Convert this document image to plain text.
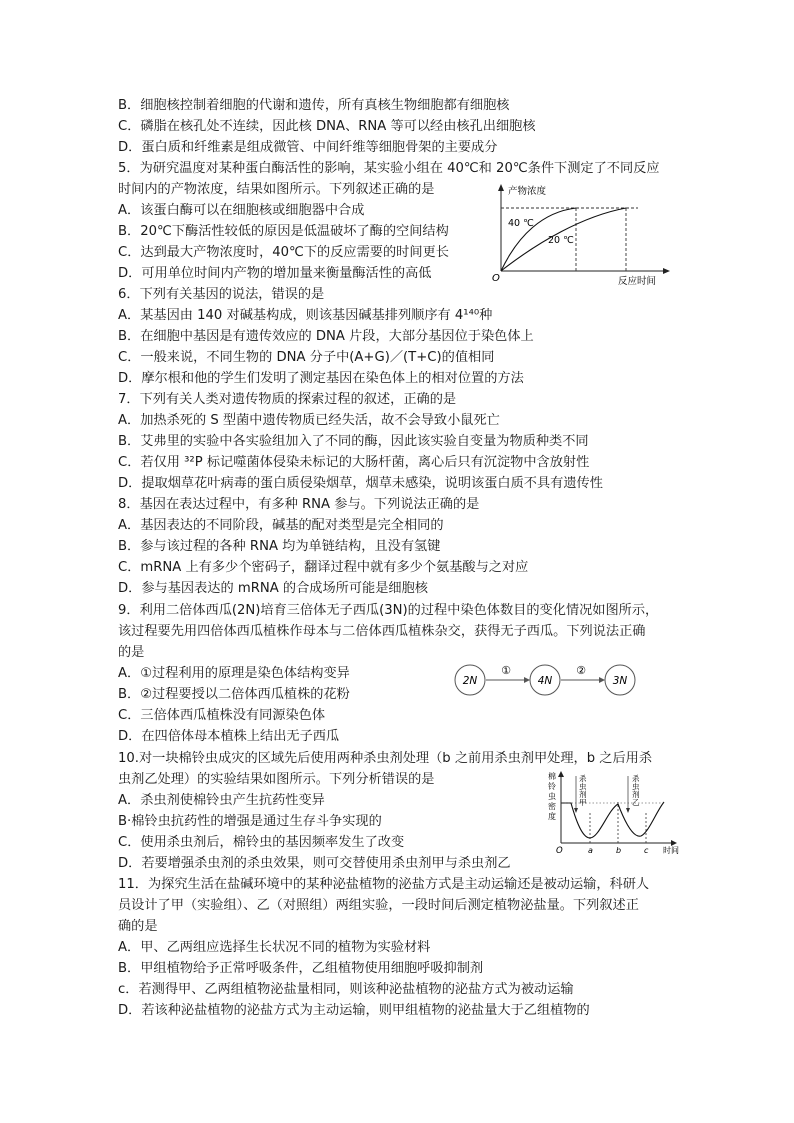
B．细胞核控制着细胞的代谢和遗传，所有真核生物细胞都有细胞核
C．磷脂在核孔处不连续，因此核 DNA、RNA 等可以经由核孔出细胞核
D．蛋白质和纤维素是组成微管、中间纤维等细胞骨架的主要成分
5．为研究温度对某种蛋白酶活性的影响，某实验小组在 40℃和 20℃条件下测定了不同反应
时间内的产物浓度，结果如图所示。下列叙述正确的是
A．该蛋白酶可以在细胞核或细胞器中合成
B．20℃下酶活性较低的原因是低温破坏了酶的空间结构
C．达到最大产物浓度时，40℃下的反应需要的时间更长
D．可用单位时间内产物的增加量来衡量酶活性的高低
6．下列有关基因的说法，错误的是
A．某基因由 140 对碱基构成，则该基因碱基排列顺序有 4¹⁴⁰种
B．在细胞中基因是有遗传效应的 DNA 片段，大部分基因位于染色体上
C．一般来说，不同生物的 DNA 分子中(A+G)／(T+C)的值相同
D．摩尔根和他的学生们发明了测定基因在染色体上的相对位置的方法
7．下列有关人类对遗传物质的探索过程的叙述，正确的是
A．加热杀死的 S 型菌中遗传物质已经失活，故不会导致小鼠死亡
B．艾弗里的实验中各实验组加入了不同的酶，因此该实验自变量为物质种类不同
C．若仅用 ³²P 标记噬菌体侵染未标记的大肠杆菌，离心后只有沉淀物中含放射性
D．提取烟草花叶病毒的蛋白质侵染烟草，烟草未感染，说明该蛋白质不具有遗传性
8．基因在表达过程中，有多种 RNA 参与。下列说法正确的是
A．基因表达的不同阶段，碱基的配对类型是完全相同的
B．参与该过程的各种 RNA 均为单链结构，且没有氢键
C．mRNA 上有多少个密码子，翻译过程中就有多少个氨基酸与之对应
D．参与基因表达的 mRNA 的合成场所可能是细胞核
9．利用二倍体西瓜(2N)培育三倍体无子西瓜(3N)的过程中染色体数目的变化情况如图所示，
该过程要先用四倍体西瓜植株作母本与二倍体西瓜植株杂交，获得无子西瓜。下列说法正确
的是
A．①过程利用的原理是染色体结构变异
B．②过程要授以二倍体西瓜植株的花粉
C．三倍体西瓜植株没有同源染色体
D．在四倍体母本植株上结出无子西瓜
10.对一块棉铃虫成灾的区域先后使用两种杀虫剂处理（b 之前用杀虫剂甲处理，b 之后用杀
虫剂乙处理）的实验结果如图所示。下列分析错误的是
A．杀虫剂使棉铃虫产生抗药性变异
B·棉铃虫抗药性的增强是通过生存斗争实现的
C．使用杀虫剂后，棉铃虫的基因频率发生了改变
D．若要增强杀虫剂的杀虫效果，则可交替使用杀虫剂甲与杀虫剂乙
11．为探究生活在盐碱环境中的某种泌盐植物的泌盐方式是主动运输还是被动运输，科研人
员设计了甲（实验组）、乙（对照组）两组实验，一段时间后测定植物泌盐量。下列叙述正
确的是
A．甲、乙两组应选择生长状况不同的植物为实验材料
B．甲组植物给予正常呼吸条件，乙组植物使用细胞呼吸抑制剂
c．若测得甲、乙两组植物泌盐量相同，则该种泌盐植物的泌盐方式为被动运输
D．若该种泌盐植物的泌盐方式为主动运输，则甲组植物的泌盐量大于乙组植物的
产物浓度
反应时间
O
40 ℃
20 ℃
2N	4N	3N
①	②
棉
铃
虫
密
度
O	时间
a	b	c
杀
虫
剂
甲
杀
虫
剂
乙
